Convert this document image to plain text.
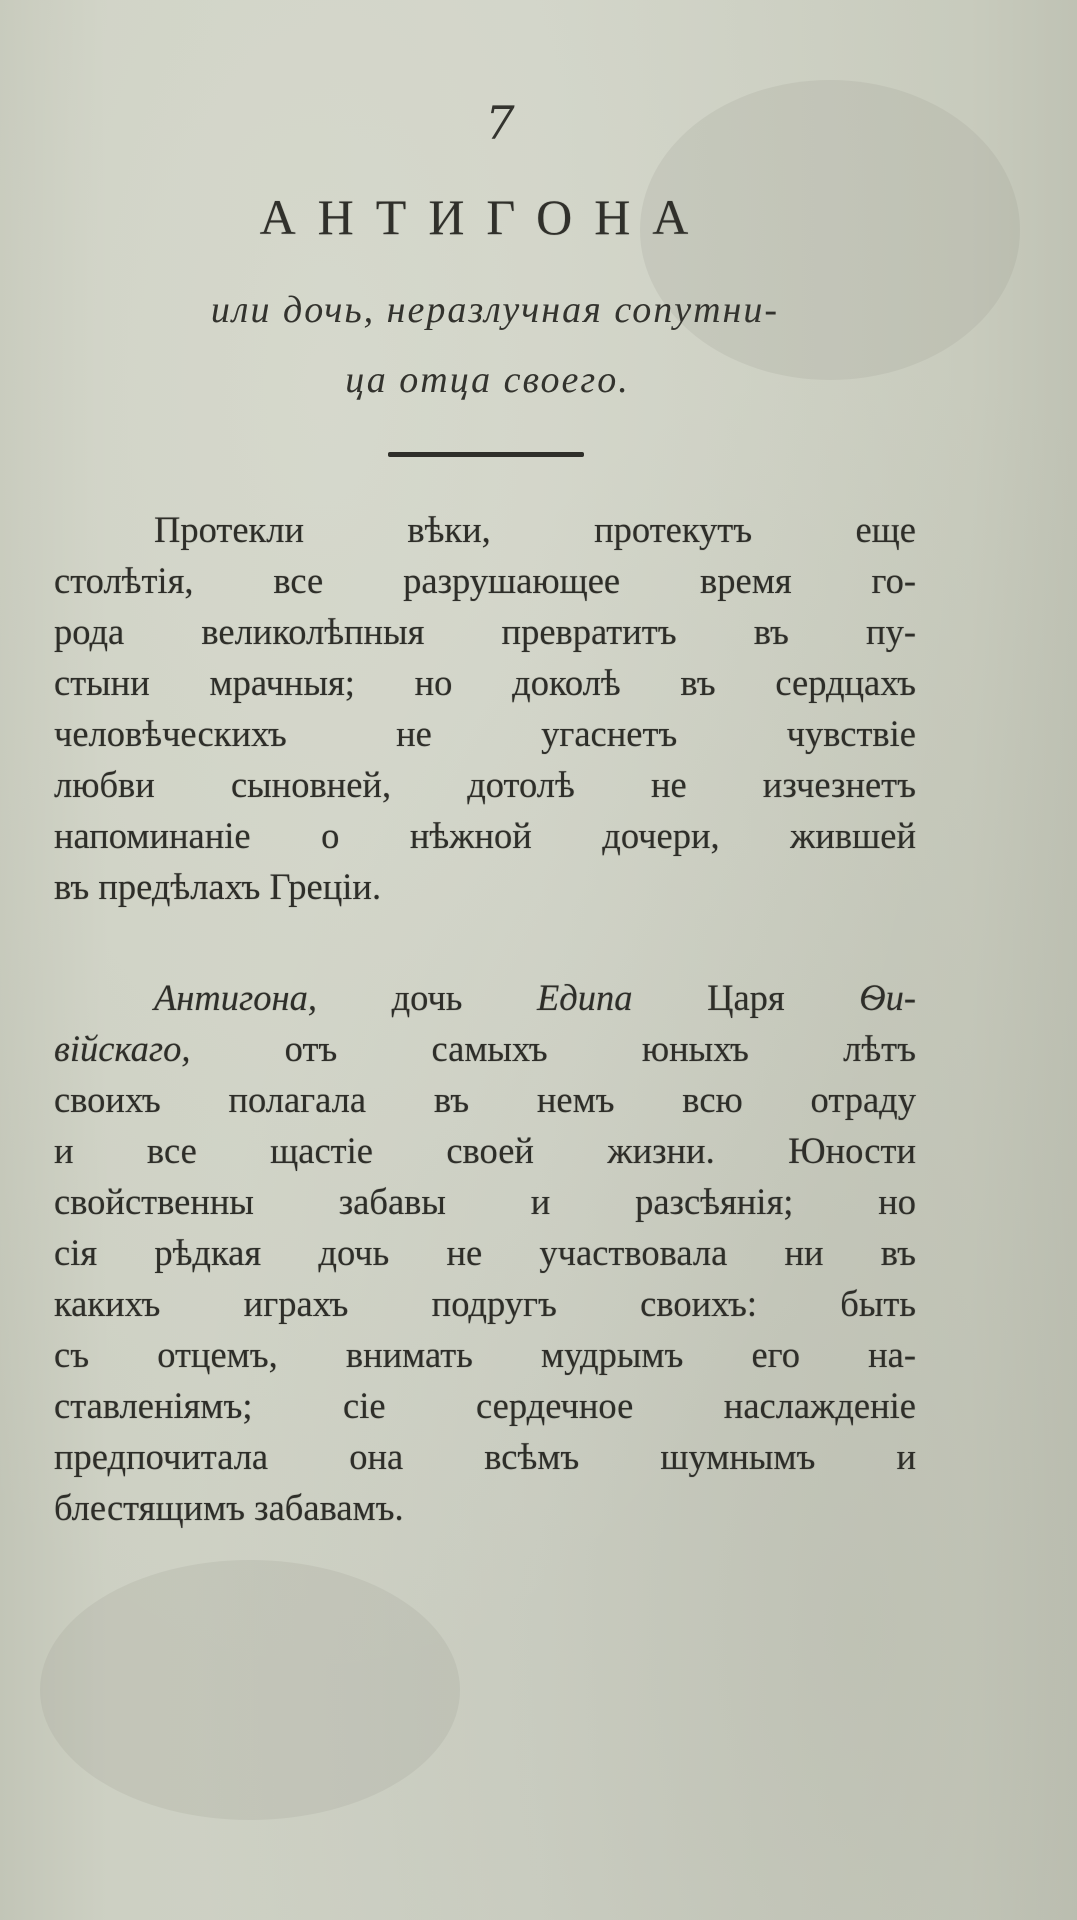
7
АНТИГОНА
или дочь, неразлучная сопутни-
ца отца своего.
Протекли вѣки, протекутъ еще
столѣтія, все разрушающее время го-
рода великолѣпныя превратитъ въ пу-
стыни мрачныя; но доколѣ въ сердцахъ
человѣческихъ не угаснетъ чувствіе
любви сыновней, дотолѣ не изчезнетъ
напоминаніе о нѣжной дочери, жившей
въ предѣлахъ Греціи.
Антигона, дочь Едипа Царя Ѳи-
війскаго,	отъ самыхъ юныхъ лѣтъ
своихъ полагала въ немъ всю отраду
и все щастіе своей жизни. Юности
свойственны забавы и разсѣянія; но
сія рѣдкая дочь не участвовала ни въ
какихъ играхъ подругъ своихъ: быть
съ отцемъ, внимать мудрымъ его на-
ставленіямъ; сіе сердечное наслажденіе
предпочитала она всѣмъ шумнымъ и
блестящимъ забавамъ.
